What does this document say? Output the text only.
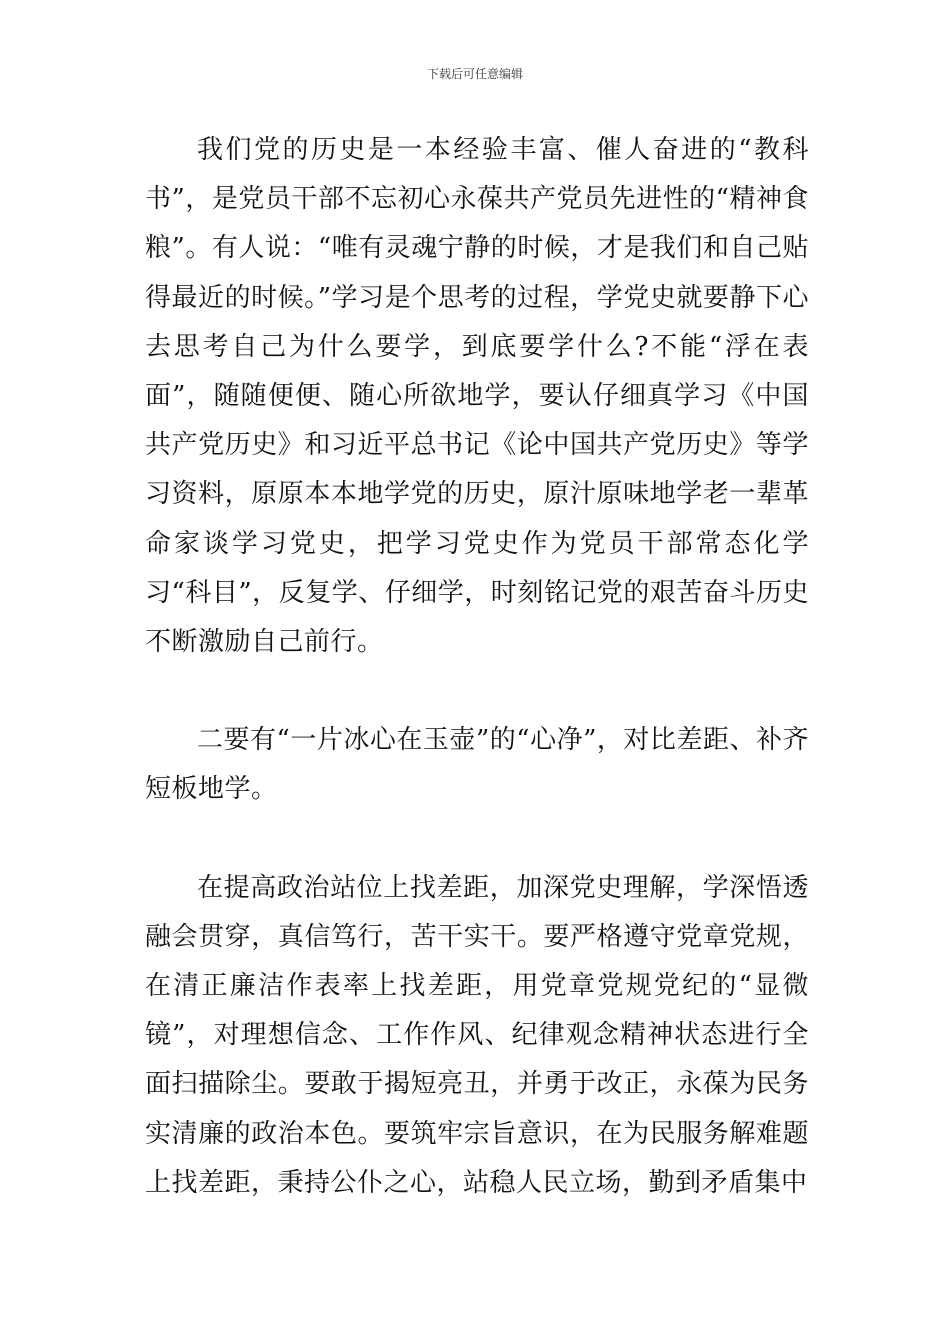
下载后可任意编辑

我们党的历史是一本经验丰富、催人奋进的“教科书”，是党员干部不忘初心永葆共产党员先进性的“精神食粮”。有人说：“唯有灵魂宁静的时候，才是我们和自己贴得最近的时候。”学习是个思考的过程，学党史就要静下心去思考自己为什么要学，到底要学什么?不能“浮在表面”，随随便便、随心所欲地学，要认仔细真学习《中国共产党历史》和习近平总书记《论中国共产党历史》等学习资料，原原本本地学党的历史，原汁原味地学老一辈革命家谈学习党史，把学习党史作为党员干部常态化学习“科目”，反复学、仔细学，时刻铭记党的艰苦奋斗历史不断激励自己前行。

二要有“一片冰心在玉壶”的“心净”，对比差距、补齐短板地学。

在提高政治站位上找差距，加深党史理解，学深悟透融会贯穿，真信笃行，苦干实干。要严格遵守党章党规，在清正廉洁作表率上找差距，用党章党规党纪的“显微镜”，对理想信念、工作作风、纪律观念精神状态进行全面扫描除尘。要敢于揭短亮丑，并勇于改正，永葆为民务实清廉的政治本色。要筑牢宗旨意识，在为民服务解难题上找差距，秉持公仆之心，站稳人民立场，勤到矛盾集中
